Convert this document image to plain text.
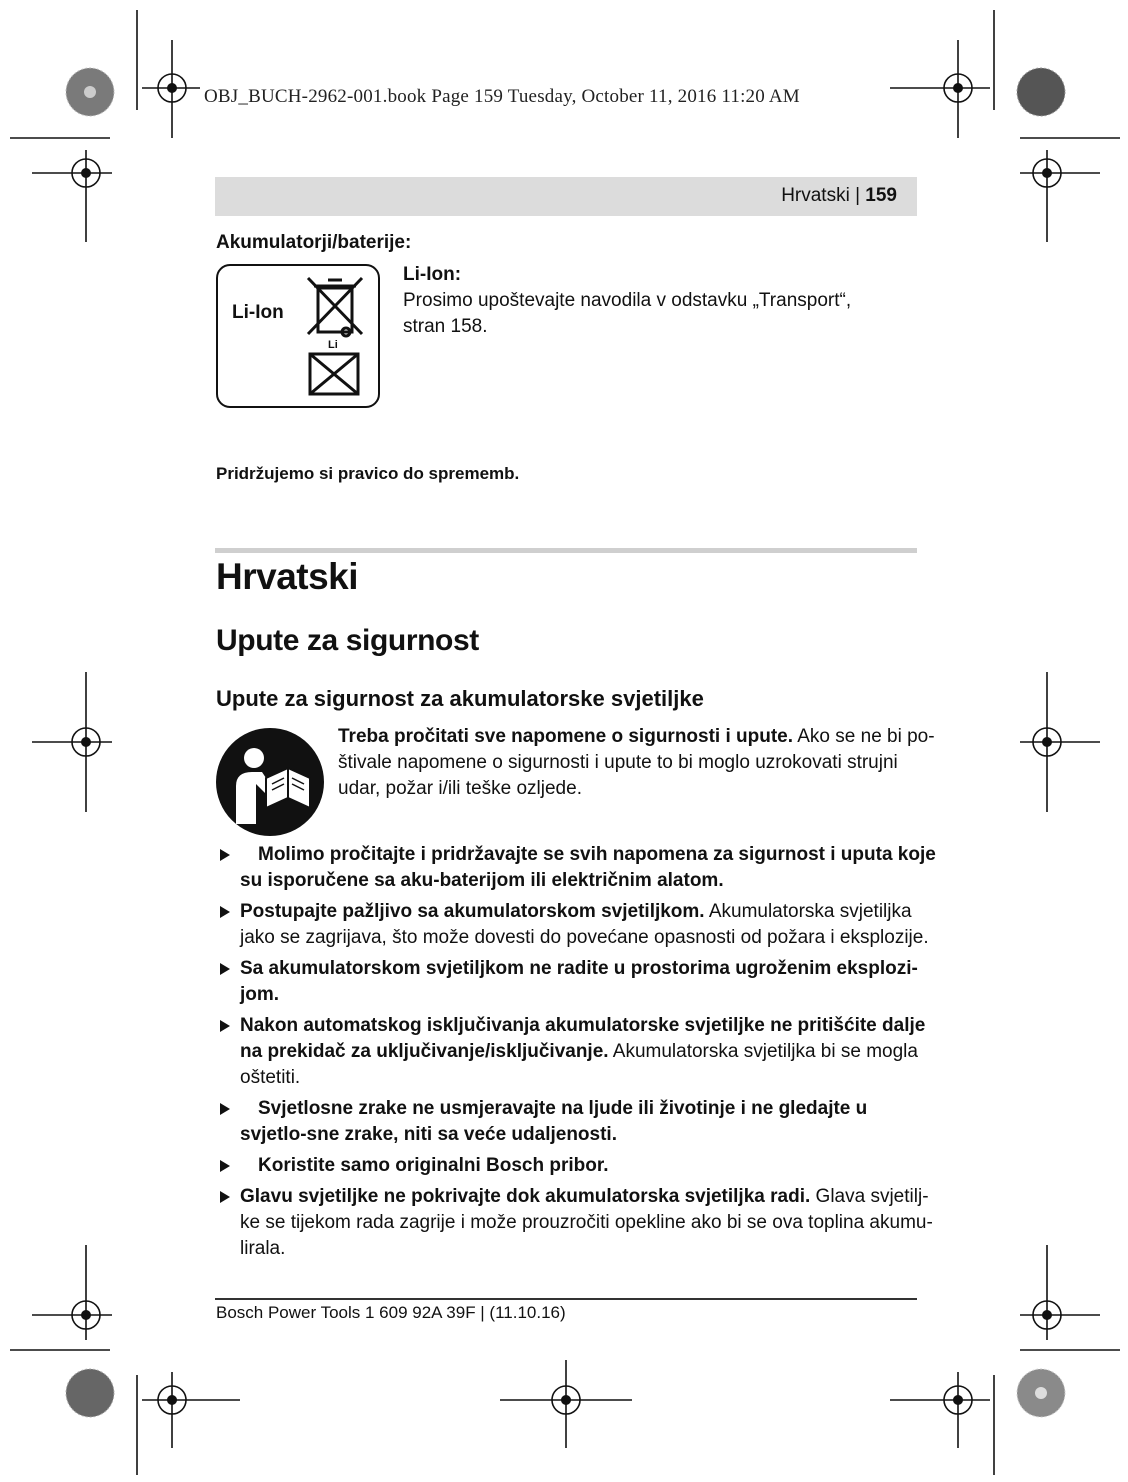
OBJ_BUCH-2962-001.book Page 159 Tuesday, October 11, 2016 11:20 AM
Hrvatski | 159
Akumulatorji/baterije:
Li-Ion
Li
Li-Ion:
Prosimo upoštevajte navodila v odstavku „Transport“,
stran 158.
Pridržujemo si pravico do sprememb.
Hrvatski
Upute za sigurnost
Upute za sigurnost za akumulatorske svjetiljke
Treba pročitati sve napomene o sigurnosti i upute. Ako se ne bi po-
štivale napomene o sigurnosti i upute to bi moglo uzrokovati strujni
udar, požar i/ili teške ozljede.
Molimo pročitajte i pridržavajte se svih napomena za sigurnost i uputa koje su isporučene sa aku-baterijom ili električnim alatom.
Postupajte pažljivo sa akumulatorskom svjetiljkom. Akumulatorska svjetiljka jako se zagrijava, što može dovesti do povećane opasnosti od požara i eksplozije.
Sa akumulatorskom svjetiljkom ne radite u prostorima ugroženim eksplozi-jom.
Nakon automatskog isključivanja akumulatorske svjetiljke ne pritišćite dalje na prekidač za uključivanje/isključivanje. Akumulatorska svjetiljka bi se mogla oštetiti.
Svjetlosne zrake ne usmjeravajte na ljude ili životinje i ne gledajte u svjetlo-sne zrake, niti sa veće udaljenosti.
Koristite samo originalni Bosch pribor.
Glavu svjetiljke ne pokrivajte dok akumulatorska svjetiljka radi. Glava svjetilj-ke se tijekom rada zagrije i može prouzročiti opekline ako bi se ova toplina akumu-lirala.
Bosch Power Tools 1 609 92A 39F | (11.10.16)
